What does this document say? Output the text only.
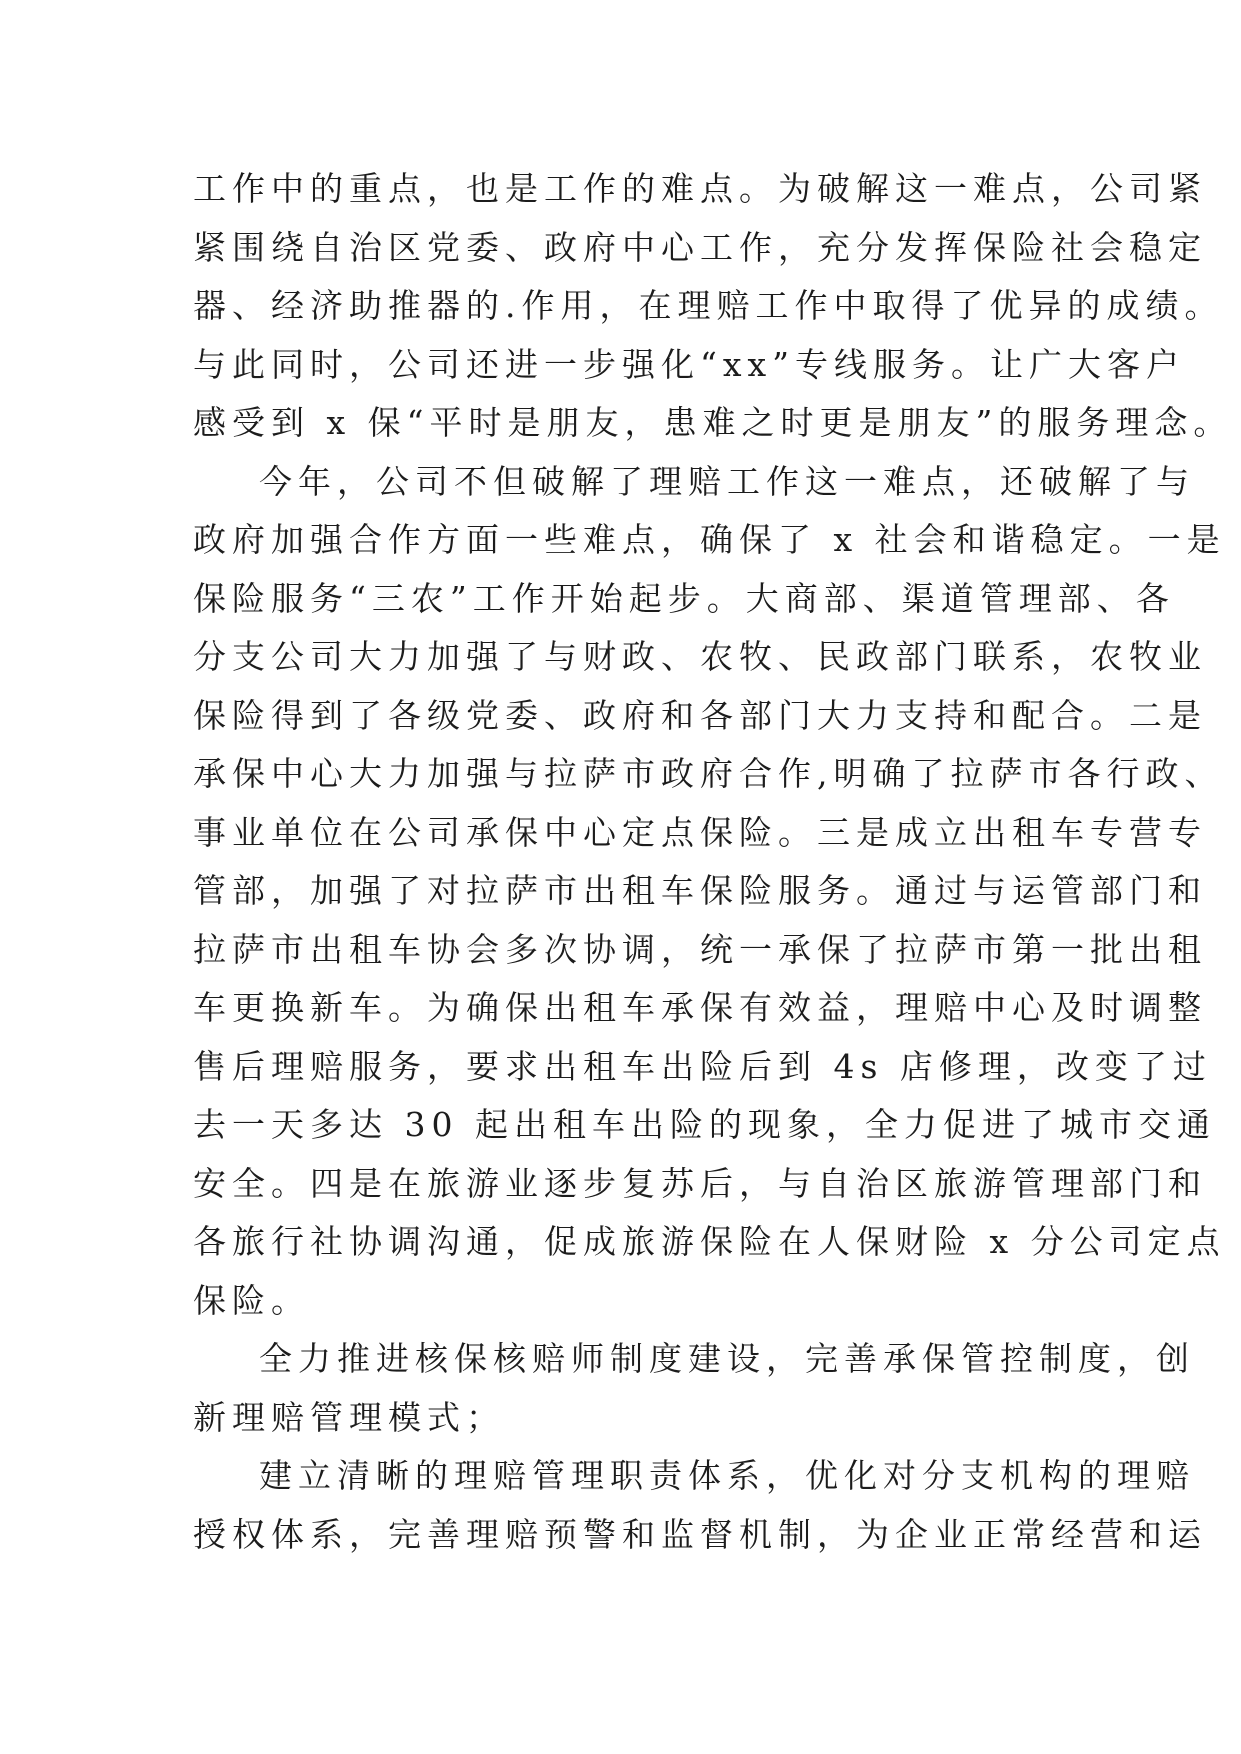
工作中的重点，也是工作的难点。为破解这一难点，公司紧
紧围绕自治区党委、政府中心工作，充分发挥保险社会稳定
器、经济助推器的.作用，在理赔工作中取得了优异的成绩。
与此同时，公司还进一步强化“xx”专线服务。让广大客户
感受到 x 保“平时是朋友，患难之时更是朋友”的服务理念。
今年，公司不但破解了理赔工作这一难点，还破解了与
政府加强合作方面一些难点，确保了 x 社会和谐稳定。一是
保险服务“三农”工作开始起步。大商部、渠道管理部、各
分支公司大力加强了与财政、农牧、民政部门联系，农牧业
保险得到了各级党委、政府和各部门大力支持和配合。二是
承保中心大力加强与拉萨市政府合作,明确了拉萨市各行政、
事业单位在公司承保中心定点保险。三是成立出租车专营专
管部，加强了对拉萨市出租车保险服务。通过与运管部门和
拉萨市出租车协会多次协调，统一承保了拉萨市第一批出租
车更换新车。为确保出租车承保有效益，理赔中心及时调整
售后理赔服务，要求出租车出险后到 4s 店修理，改变了过
去一天多达 30 起出租车出险的现象，全力促进了城市交通
安全。四是在旅游业逐步复苏后，与自治区旅游管理部门和
各旅行社协调沟通，促成旅游保险在人保财险 x 分公司定点
保险。
全力推进核保核赔师制度建设，完善承保管控制度，创
新理赔管理模式；
建立清晰的理赔管理职责体系，优化对分支机构的理赔
授权体系，完善理赔预警和监督机制，为企业正常经营和运
